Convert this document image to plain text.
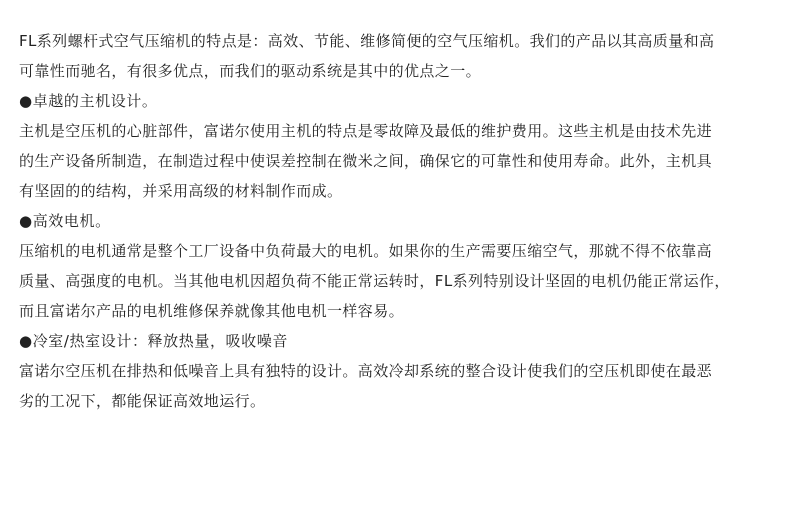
FL系列螺杆式空气压缩机的特点是：高效、节能、维修简便的空气压缩机。我们的产品以其高质量和高
可靠性而驰名，有很多优点，而我们的驱动系统是其中的优点之一。
●卓越的主机设计。
主机是空压机的心脏部件，富诺尔使用主机的特点是零故障及最低的维护费用。这些主机是由技术先进
的生产设备所制造，在制造过程中使误差控制在微米之间，确保它的可靠性和使用寿命。此外，主机具
有坚固的的结构，并采用高级的材料制作而成。
●高效电机。
压缩机的电机通常是整个工厂设备中负荷最大的电机。如果你的生产需要压缩空气，那就不得不依靠高
质量、高强度的电机。当其他电机因超负荷不能正常运转时，FL系列特别设计坚固的电机仍能正常运作，
而且富诺尔产品的电机维修保养就像其他电机一样容易。
●冷室/热室设计：释放热量，吸收噪音
富诺尔空压机在排热和低噪音上具有独特的设计。高效冷却系统的整合设计使我们的空压机即使在最恶
劣的工况下，都能保证高效地运行。
